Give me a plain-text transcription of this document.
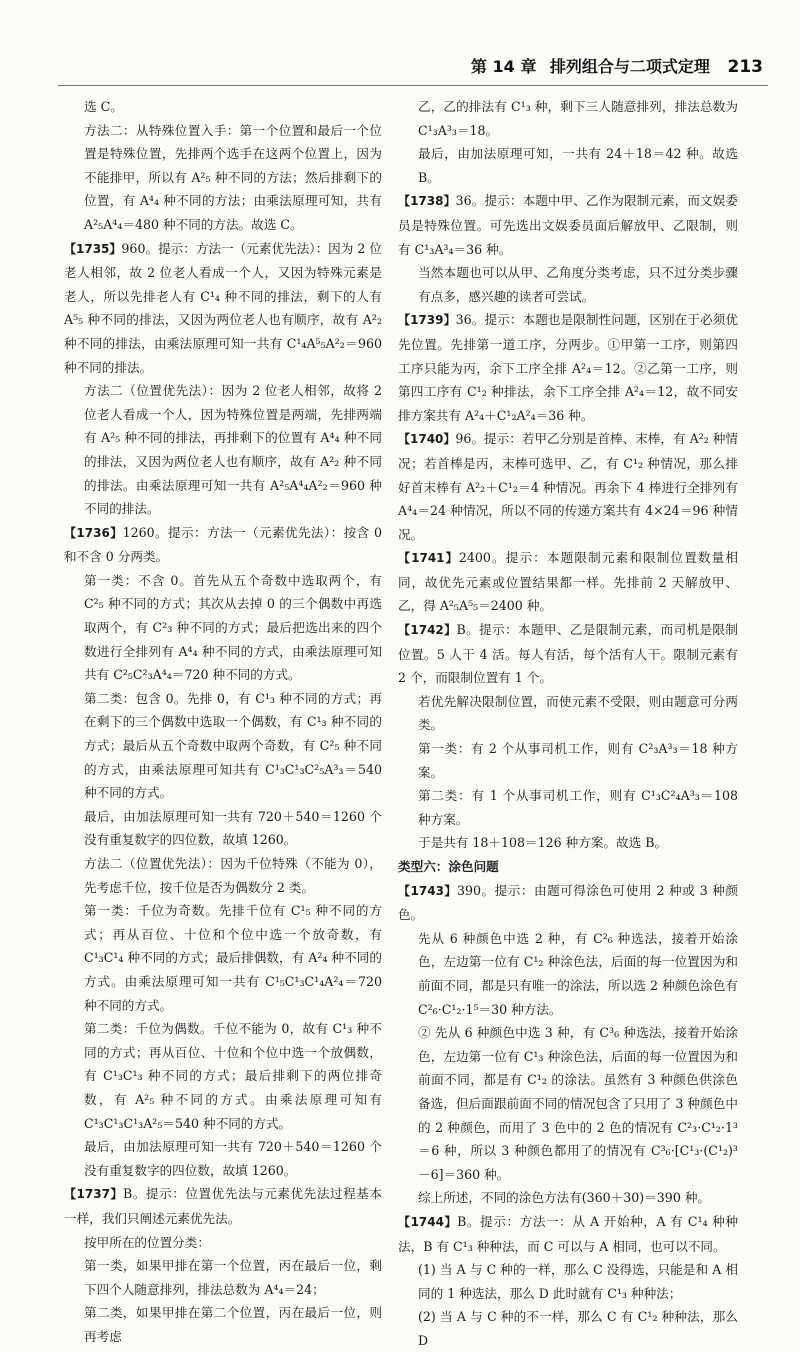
第 14 章 排列组合与二项式定理 213

选 C。

方法二：从特殊位置入手：第一个位置和最后一个位置是特殊位置，先排两个选手在这两个位置上，因为不能排甲，所以有 A²₅ 种不同的方法；然后排剩下的位置，有 A⁴₄ 种不同的方法；由乘法原理可知，共有 A²₅A⁴₄＝480 种不同的方法。故选 C。

【1735】960。提示：方法一（元素优先法）：因为 2 位老人相邻，故 2 位老人看成一个人，又因为特殊元素是老人，所以先排老人有 C¹₄ 种不同的排法，剩下的人有 A⁵₅ 种不同的排法，又因为两位老人也有顺序，故有 A²₂ 种不同的排法，由乘法原理可知一共有 C¹₄A⁵₅A²₂＝960 种不同的排法。

方法二（位置优先法）：因为 2 位老人相邻，故将 2 位老人看成一个人，因为特殊位置是两端，先排两端有 A²₅ 种不同的排法，再排剩下的位置有 A⁴₄ 种不同的排法，又因为两位老人也有顺序，故有 A²₂ 种不同的排法。由乘法原理可知一共有 A²₅A⁴₄A²₂＝960 种不同的排法。

【1736】1260。提示：方法一（元素优先法）：按含 0 和不含 0 分两类。

第一类：不含 0。首先从五个奇数中选取两个，有 C²₅ 种不同的方式；其次从去掉 0 的三个偶数中再选取两个，有 C²₃ 种不同的方式；最后把选出来的四个数进行全排列有 A⁴₄ 种不同的方式，由乘法原理可知共有 C²₅C²₃A⁴₄＝720 种不同的方式。

第二类：包含 0。先排 0，有 C¹₃ 种不同的方式；再在剩下的三个偶数中选取一个偶数，有 C¹₃ 种不同的方式；最后从五个奇数中取两个奇数，有 C²₅ 种不同的方式，由乘法原理可知共有 C¹₃C¹₃C²₅A³₃＝540 种不同的方式。

最后，由加法原理可知一共有 720＋540＝1260 个没有重复数字的四位数，故填 1260。

方法二（位置优先法）：因为千位特殊（不能为 0），先考虑千位，按千位是否为偶数分 2 类。

第一类：千位为奇数。先排千位有 C¹₅ 种不同的方式；再从百位、十位和个位中选一个放奇数，有 C¹₃C¹₄ 种不同的方式；最后排偶数，有 A²₄ 种不同的方式。由乘法原理可知一共有 C¹₅C¹₃C¹₄A²₄＝720 种不同的方式。

第二类：千位为偶数。千位不能为 0，故有 C¹₃ 种不同的方式；再从百位、十位和个位中选一个放偶数，有 C¹₃C¹₃ 种不同的方式；最后排剩下的两位排奇数，有 A²₅ 种不同的方式。由乘法原理可知有 C¹₃C¹₃C¹₃A²₅＝540 种不同的方式。

最后，由加法原理可知一共有 720＋540＝1260 个没有重复数字的四位数，故填 1260。

【1737】B。提示：位置优先法与元素优先法过程基本一样，我们只阐述元素优先法。

按甲所在的位置分类：

第一类，如果甲排在第一个位置，丙在最后一位，剩下四个人随意排列，排法总数为 A⁴₄＝24；

第二类，如果甲排在第二个位置，丙在最后一位，则再考虑

乙，乙的排法有 C¹₃ 种，剩下三人随意排列，排法总数为 C¹₃A³₃＝18。

最后，由加法原理可知，一共有 24＋18＝42 种。故选 B。

【1738】36。提示：本题中甲、乙作为限制元素，而文娱委员是特殊位置。可先选出文娱委员面后解放甲、乙限制，则有 C¹₃A³₄＝36 种。

当然本题也可以从甲、乙角度分类考虑，只不过分类步骤有点多，感兴趣的读者可尝试。

【1739】36。提示：本题也是限制性问题，区别在于必须优先位置。先排第一道工序，分两步。①甲第一工序，则第四工序只能为丙，余下工序全排 A²₄＝12。②乙第一工序，则第四工序有 C¹₂ 种排法，余下工序全排 A²₄＝12，故不同安排方案共有 A²₄＋C¹₂A²₄＝36 种。

【1740】96。提示：若甲乙分别是首棒、末棒，有 A²₂ 种情况；若首棒是丙，末棒可选甲、乙，有 C¹₂ 种情况，那么排好首末棒有 A²₂＋C¹₂＝4 种情况。再余下 4 棒进行全排列有 A⁴₄＝24 种情况，所以不同的传递方案共有 4×24＝96 种情况。

【1741】2400。提示：本题限制元素和限制位置数量相同，故优先元素或位置结果都一样。先排前 2 天解放甲、乙，得 A²₅A⁵₅＝2400 种。

【1742】B。提示：本题甲、乙是限制元素，而司机是限制位置。5 人干 4 活。每人有活，每个活有人干。限制元素有 2 个，而限制位置有 1 个。

若优先解决限制位置，而使元素不受限，则由题意可分两类。

第一类：有 2 个从事司机工作，则有 C²₃A³₃＝18 种方案。

第二类：有 1 个从事司机工作，则有 C¹₃C²₄A³₃＝108 种方案。

于是共有 18＋108＝126 种方案。故选 B。

类型六：涂色问题

【1743】390。提示：由题可得涂色可使用 2 种或 3 种颜色。

先从 6 种颜色中选 2 种，有 C²₆ 种选法，接着开始涂色，左边第一位有 C¹₂ 种涂色法，后面的每一位置因为和前面不同，都是只有唯一的涂法，所以选 2 种颜色涂色有 C²₆·C¹₂·1⁵＝30 种方法。

② 先从 6 种颜色中选 3 种，有 C³₆ 种选法，接着开始涂色，左边第一位有 C¹₃ 种涂色法，后面的每一位置因为和前面不同，都是有 C¹₂ 的涂法。虽然有 3 种颜色供涂色备选，但后面跟前面不同的情况包含了只用了 3 种颜色中的 2 种颜色，而用了 3 色中的 2 色的情况有 C²₃·C¹₂·1³＝6 种，所以 3 种颜色都用了的情况有 C³₆·[C¹₃·(C¹₂)³－6]＝360 种。

综上所述，不同的涂色方法有(360＋30)＝390 种。

【1744】B。提示：方法一：从 A 开始种，A 有 C¹₄ 种种法，B 有 C¹₃ 种种法，而 C 可以与 A 相同，也可以不同。

(1) 当 A 与 C 种的一样，那么 C 没得选，只能是和 A 相同的 1 种选法，那么 D 此时就有 C¹₃ 种种法；

(2) 当 A 与 C 种的不一样，那么 C 有 C¹₂ 种种法，那么 D
